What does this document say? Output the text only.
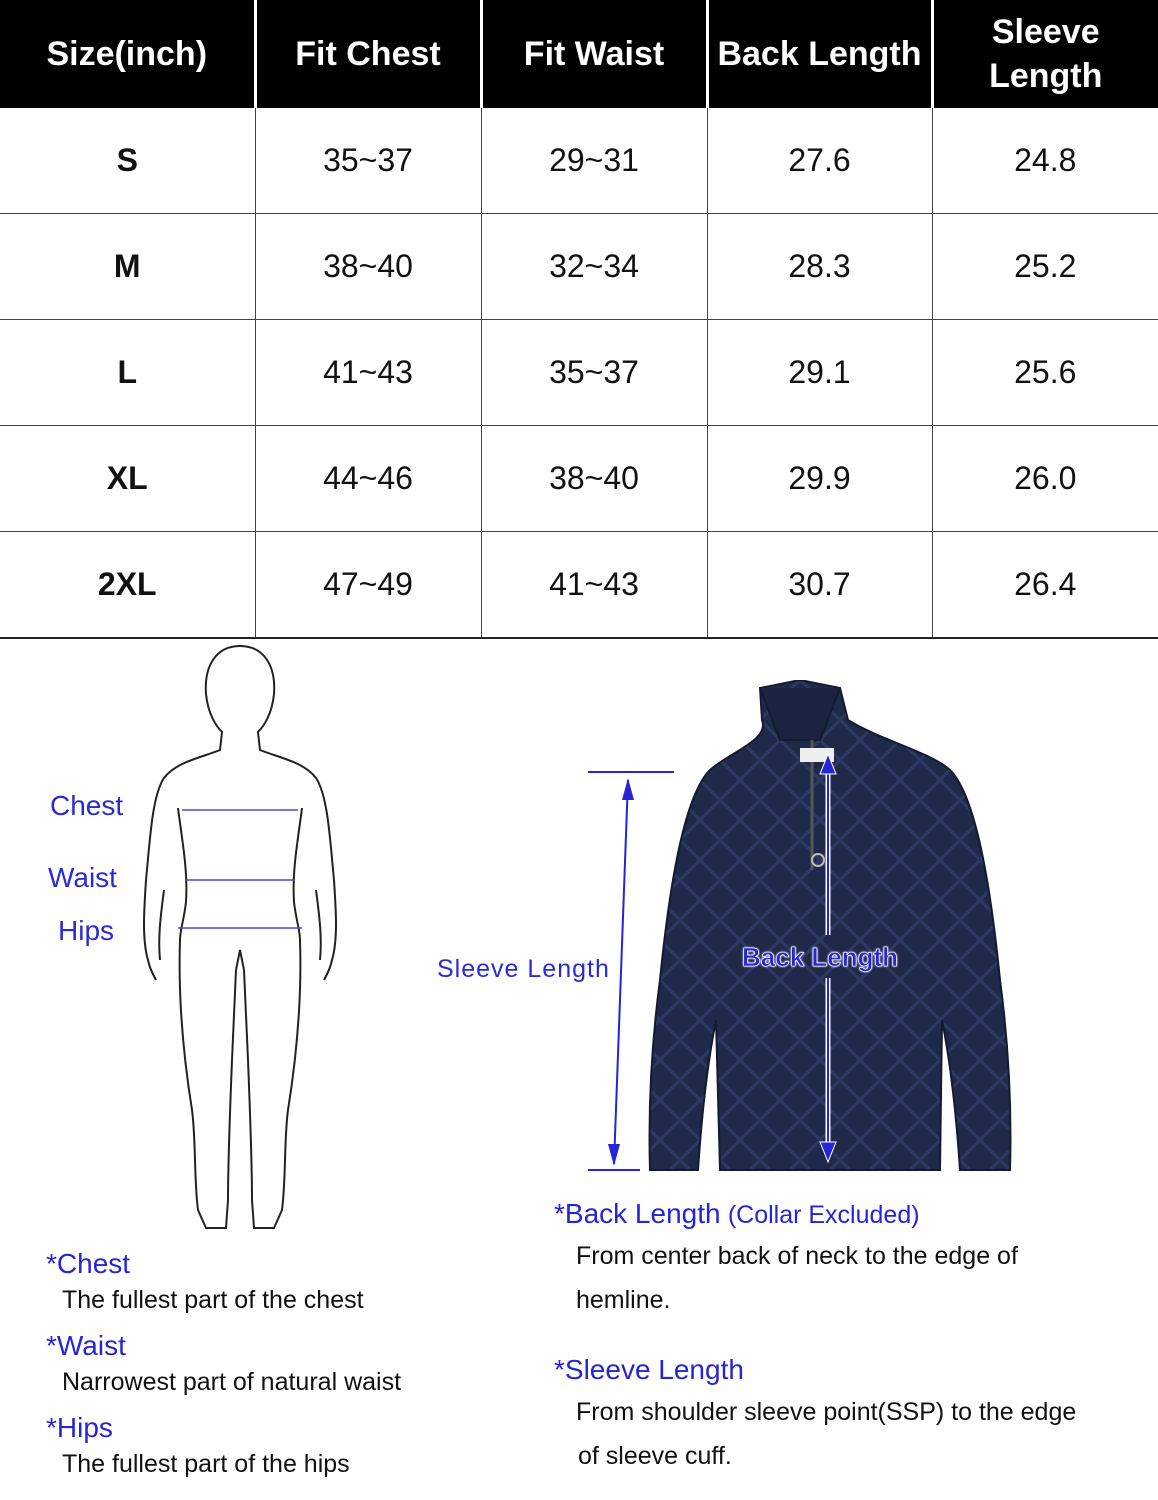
Size(inch)	Fit Chest	Fit Waist	Back Length	Sleeve Length
S	35~37	29~31	27.6	24.8
M	38~40	32~34	28.3	25.2
L	41~43	35~37	29.1	25.6
XL	44~46	38~40	29.9	26.0
2XL	47~49	41~43	30.7	26.4
Chest
Waist
Hips
Sleeve Length	Back Length
*Chest
The fullest part of the chest
*Waist
Narrowest part of natural waist
*Hips
The fullest part of the hips
*Back Length (Collar Excluded)
From center back of neck to the edge of
hemline.
*Sleeve Length
From shoulder sleeve point(SSP) to the edge
of sleeve cuff.
